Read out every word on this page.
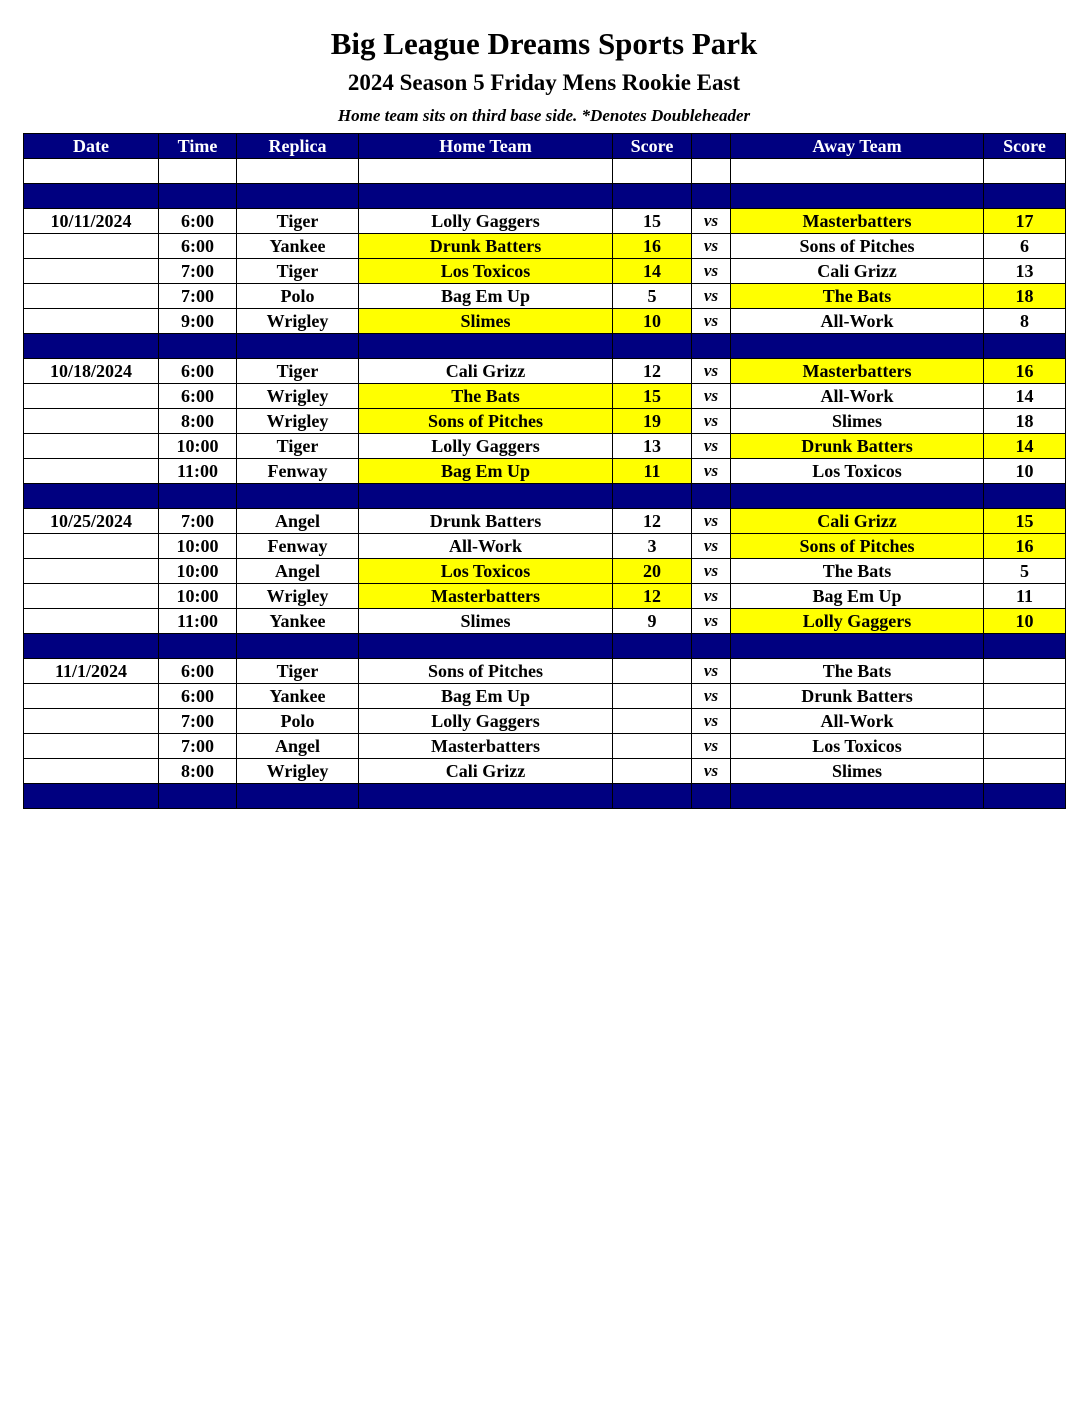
Big League Dreams Sports Park
2024 Season 5 Friday Mens Rookie East
Home team sits on third base side. *Denotes Doubleheader
Date	Time	Replica	Home Team	Score		Away Team	Score

10/11/2024	6:00	Tiger	Lolly Gaggers	15	vs	Masterbatters	17
	6:00	Yankee	Drunk Batters	16	vs	Sons of Pitches	6
	7:00	Tiger	Los Toxicos	14	vs	Cali Grizz	13
	7:00	Polo	Bag Em Up	5	vs	The Bats	18
	9:00	Wrigley	Slimes	10	vs	All-Work	8

10/18/2024	6:00	Tiger	Cali Grizz	12	vs	Masterbatters	16
	6:00	Wrigley	The Bats	15	vs	All-Work	14
	8:00	Wrigley	Sons of Pitches	19	vs	Slimes	18
	10:00	Tiger	Lolly Gaggers	13	vs	Drunk Batters	14
	11:00	Fenway	Bag Em Up	11	vs	Los Toxicos	10

10/25/2024	7:00	Angel	Drunk Batters	12	vs	Cali Grizz	15
	10:00	Fenway	All-Work	3	vs	Sons of Pitches	16
	10:00	Angel	Los Toxicos	20	vs	The Bats	5
	10:00	Wrigley	Masterbatters	12	vs	Bag Em Up	11
	11:00	Yankee	Slimes	9	vs	Lolly Gaggers	10

11/1/2024	6:00	Tiger	Sons of Pitches		vs	The Bats	
	6:00	Yankee	Bag Em Up		vs	Drunk Batters	
	7:00	Polo	Lolly Gaggers		vs	All-Work	
	7:00	Angel	Masterbatters		vs	Los Toxicos	
	8:00	Wrigley	Cali Grizz		vs	Slimes	
